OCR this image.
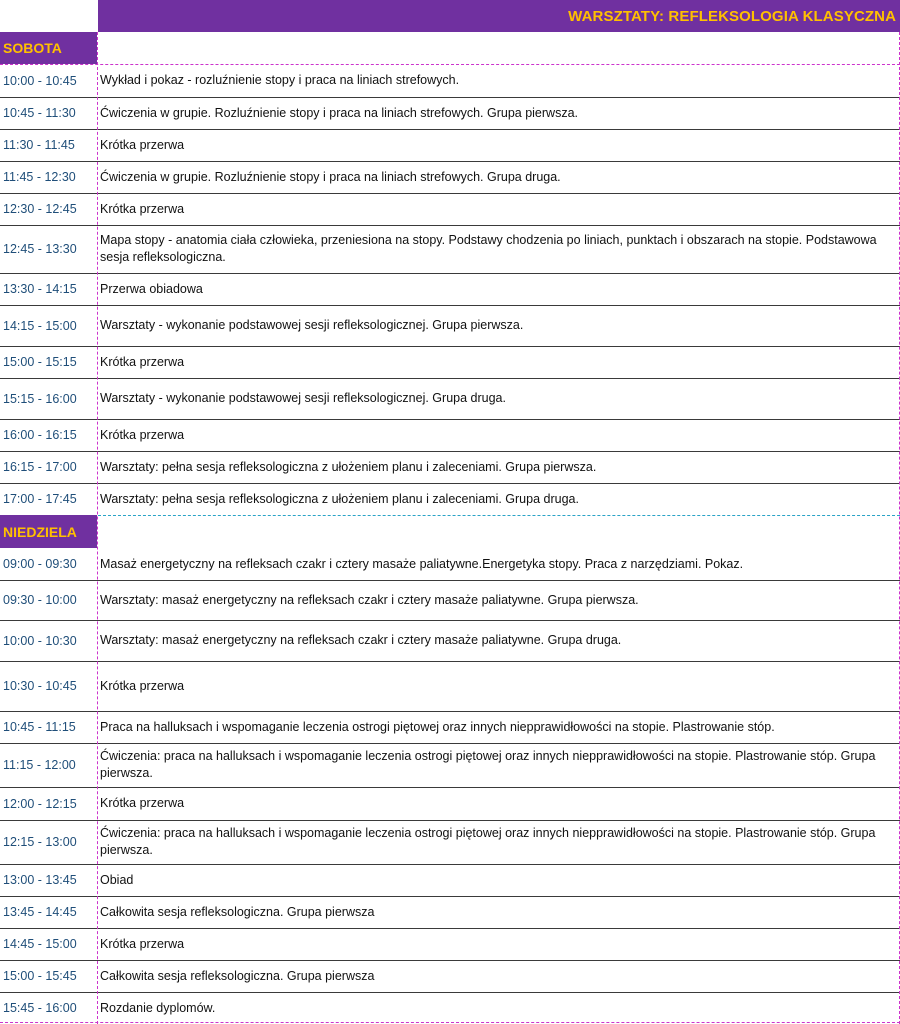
WARSZTATY: REFLEKSOLOGIA KLASYCZNA
SOBOTA
10:00 - 10:45	Wykład i pokaz - rozluźnienie stopy i praca na liniach strefowych.
10:45 - 11:30	Ćwiczenia w grupie. Rozluźnienie stopy i praca na liniach strefowych. Grupa pierwsza.
11:30 - 11:45	Krótka przerwa
11:45 - 12:30	Ćwiczenia w grupie. Rozluźnienie stopy i praca na liniach strefowych. Grupa druga.
12:30 - 12:45	Krótka przerwa
12:45 - 13:30
Mapa stopy - anatomia ciała człowieka, przeniesiona na stopy. Podstawy chodzenia po liniach, punktach i obszarach na stopie. Podstawowa sesja refleksologiczna.
13:30 - 14:15	Przerwa obiadowa
14:15 - 15:00	Warsztaty - wykonanie podstawowej sesji refleksologicznej. Grupa pierwsza.
15:00 - 15:15	Krótka przerwa
15:15 - 16:00	Warsztaty - wykonanie podstawowej sesji refleksologicznej. Grupa druga.
16:00 - 16:15	Krótka przerwa
16:15 - 17:00	Warsztaty: pełna sesja refleksologiczna z ułożeniem planu i zaleceniami. Grupa pierwsza.
17:00 - 17:45	Warsztaty: pełna sesja refleksologiczna z ułożeniem planu i zaleceniami. Grupa druga.
NIEDZIELA
09:00 - 09:30	Masaż energetyczny na refleksach czakr i cztery masaże paliatywne.Energetyka stopy. Praca z narzędziami. Pokaz.
09:30 - 10:00	Warsztaty: masaż energetyczny na refleksach czakr i cztery masaże paliatywne. Grupa pierwsza.
10:00 - 10:30	Warsztaty: masaż energetyczny na refleksach czakr i cztery masaże paliatywne. Grupa druga.
10:30 - 10:45	Krótka przerwa
10:45 - 11:15	Praca na halluksach i wspomaganie leczenia ostrogi piętowej oraz innych niepprawidłowości na stopie. Plastrowanie stóp.
11:15 - 12:00
Ćwiczenia: praca na halluksach i wspomaganie leczenia ostrogi piętowej oraz innych niepprawidłowości na stopie. Plastrowanie stóp. Grupa pierwsza.
12:00 - 12:15	Krótka przerwa
12:15 - 13:00
Ćwiczenia: praca na halluksach i wspomaganie leczenia ostrogi piętowej oraz innych niepprawidłowości na stopie. Plastrowanie stóp. Grupa pierwsza.
13:00 - 13:45	Obiad
13:45 - 14:45	Całkowita sesja refleksologiczna. Grupa pierwsza
14:45 - 15:00	Krótka przerwa
15:00 - 15:45	Całkowita sesja refleksologiczna. Grupa pierwsza
15:45 - 16:00	Rozdanie dyplomów.
